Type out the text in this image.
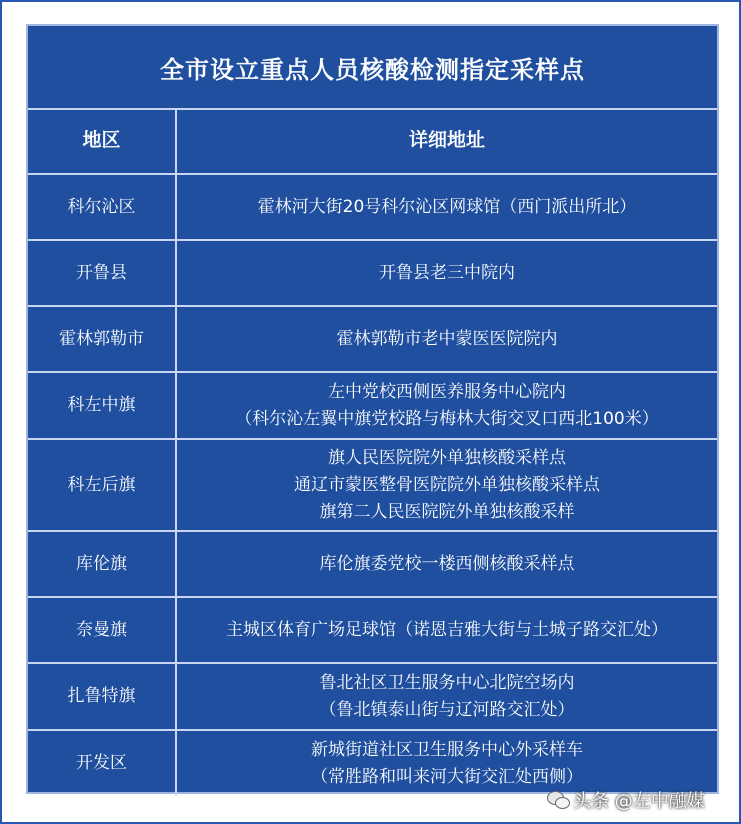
全市设立重点人员核酸检测指定采样点
地区	详细地址
科尔沁区	霍林河大街20号科尔沁区网球馆（西门派出所北）

开鲁县	开鲁县老三中院内

霍林郭勒市	霍林郭勒市老中蒙医医院院内

科左中旗	左中党校西侧医养服务中心院内
（科尔沁左翼中旗党校路与梅林大街交叉口西北100米）

科左后旗	旗人民医院院外单独核酸采样点
通辽市蒙医整骨医院院外单独核酸采样点
旗第二人民医院院外单独核酸采样

库伦旗	库伦旗委党校一楼西侧核酸采样点

奈曼旗	主城区体育广场足球馆（诺恩吉雅大街与土城子路交汇处）

扎鲁特旗	鲁北社区卫生服务中心北院空场内
（鲁北镇泰山街与辽河路交汇处）

开发区	新城街道社区卫生服务中心外采样车
（常胜路和叫来河大街交汇处西侧）
头条 @左中融媒
